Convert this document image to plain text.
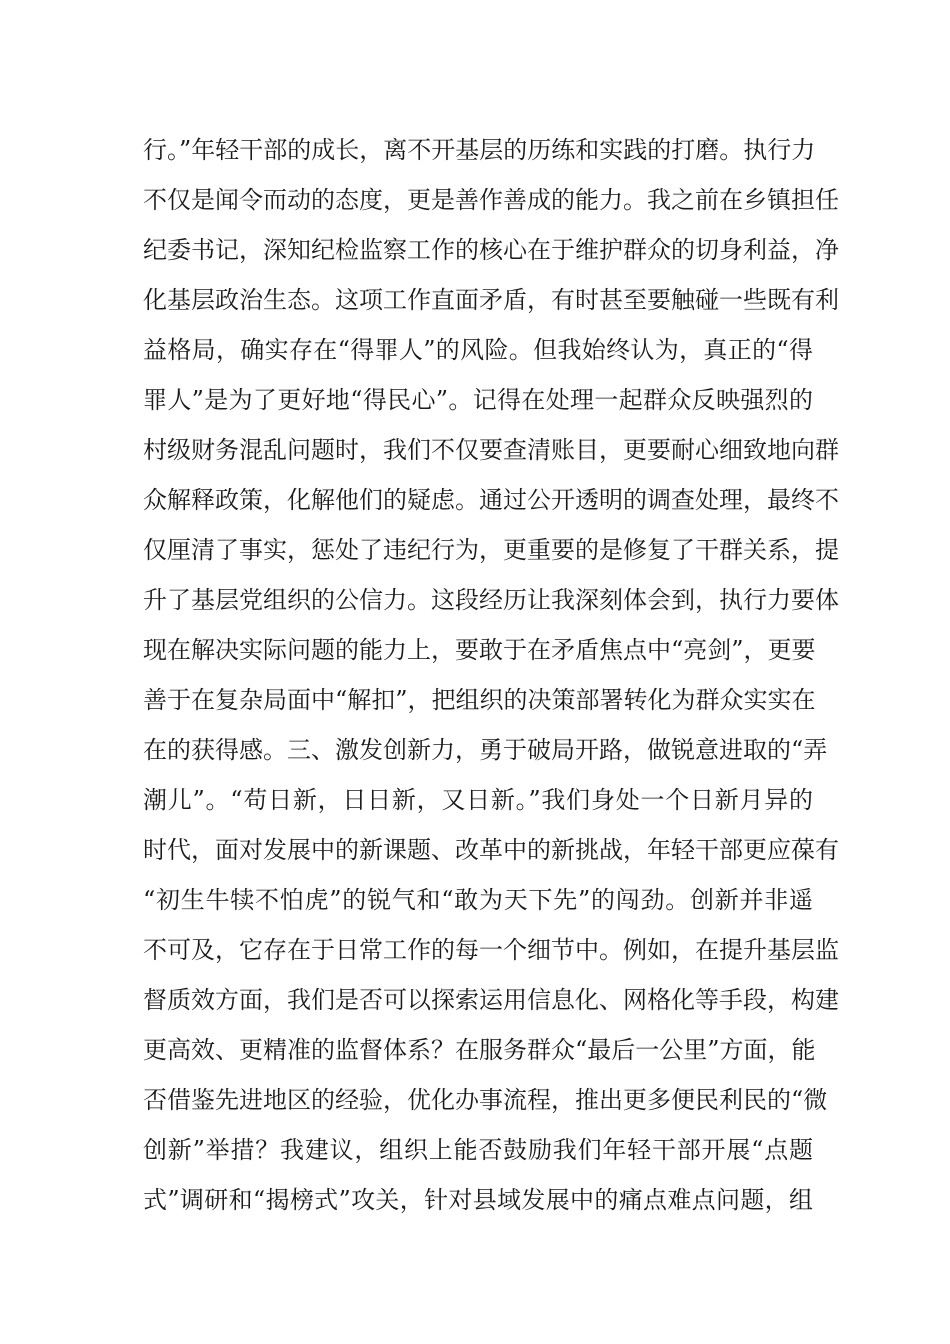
行。”年轻干部的成长，离不开基层的历练和实践的打磨。执行力
不仅是闻令而动的态度，更是善作善成的能力。我之前在乡镇担任
纪委书记，深知纪检监察工作的核心在于维护群众的切身利益，净
化基层政治生态。这项工作直面矛盾，有时甚至要触碰一些既有利
益格局，确实存在“得罪人”的风险。但我始终认为，真正的“得
罪人”是为了更好地“得民心”。记得在处理一起群众反映强烈的
村级财务混乱问题时，我们不仅要查清账目，更要耐心细致地向群
众解释政策，化解他们的疑虑。通过公开透明的调查处理，最终不
仅厘清了事实，惩处了违纪行为，更重要的是修复了干群关系，提
升了基层党组织的公信力。这段经历让我深刻体会到，执行力要体
现在解决实际问题的能力上，要敢于在矛盾焦点中“亮剑”，更要
善于在复杂局面中“解扣”，把组织的决策部署转化为群众实实在
在的获得感。三、激发创新力，勇于破局开路，做锐意进取的“弄
潮儿”。“苟日新，日日新，又日新。”我们身处一个日新月异的
时代，面对发展中的新课题、改革中的新挑战，年轻干部更应葆有
“初生牛犊不怕虎”的锐气和“敢为天下先”的闯劲。创新并非遥
不可及，它存在于日常工作的每一个细节中。例如，在提升基层监
督质效方面，我们是否可以探索运用信息化、网格化等手段，构建
更高效、更精准的监督体系？在服务群众“最后一公里”方面，能
否借鉴先进地区的经验，优化办事流程，推出更多便民利民的“微
创新”举措？我建议，组织上能否鼓励我们年轻干部开展“点题
式”调研和“揭榜式”攻关，针对县域发展中的痛点难点问题，组
